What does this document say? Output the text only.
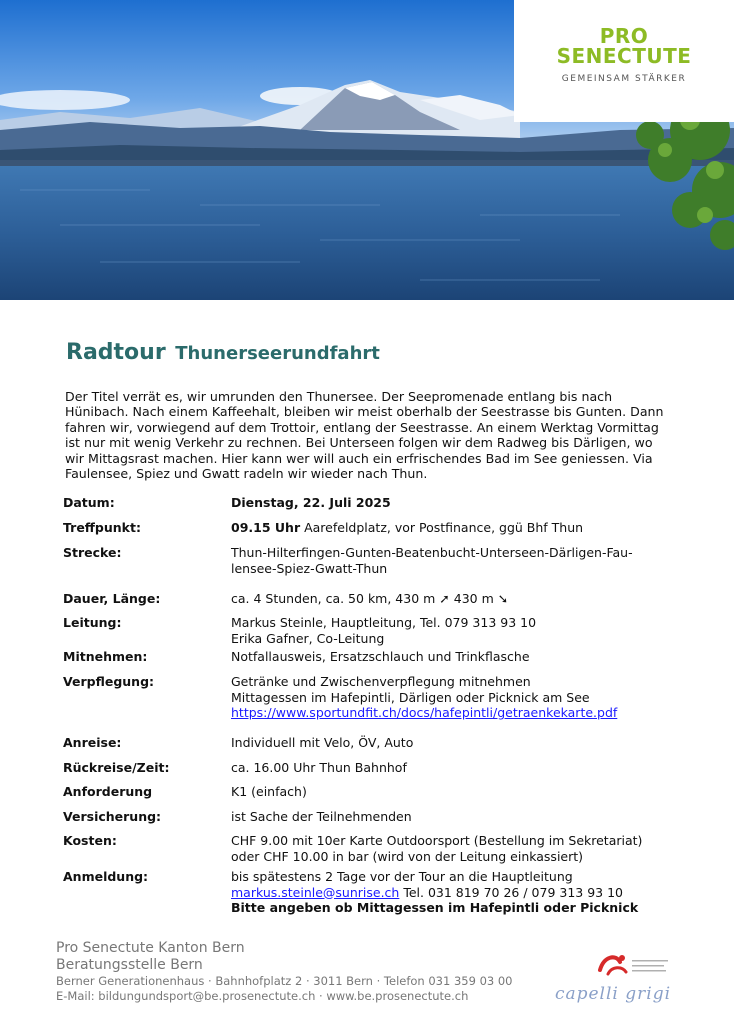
PRO
SENECTUTE
GEMEINSAM STÄRKER
Radtour Thunerseerundfahrt
Der Titel verrät es, wir umrunden den Thunersee. Der Seepromenade entlang bis nach Hünibach. Nach einem Kaffeehalt, bleiben wir meist oberhalb der Seestrasse bis Gunten. Dann fahren wir, vorwiegend auf dem Trottoir, entlang der Seestrasse. An einem Werktag Vormittag ist nur mit wenig Verkehr zu rechnen. Bei Unterseen folgen wir dem Radweg bis Därligen, wo wir Mittagsrast machen. Hier kann wer will auch ein erfrischendes Bad im See geniessen. Via Faulensee, Spiez und Gwatt radeln wir wieder nach Thun.
Datum:	Dienstag, 22. Juli 2025
Treffpunkt:	09.15 Uhr Aarefeldplatz, vor Postfinance, ggü Bhf Thun
Strecke:	Thun-Hilterfingen-Gunten-Beatenbucht-Unterseen-Därligen-Fau-
lensee-Spiez-Gwatt-Thun
Dauer, Länge:	ca. 4 Stunden, ca. 50 km, 430 m ➚ 430 m ➘
Leitung:	Markus Steinle, Hauptleitung, Tel. 079 313 93 10
Erika Gafner, Co-Leitung
Mitnehmen:	Notfallausweis, Ersatzschlauch und Trinkflasche
Verpflegung:	Getränke und Zwischenverpflegung mitnehmen
Mittagessen im Hafepintli, Därligen oder Picknick am See
https://www.sportundfit.ch/docs/hafepintli/getraenkekarte.pdf
Anreise:	Individuell mit Velo, ÖV, Auto
Rückreise/Zeit:	ca. 16.00 Uhr Thun Bahnhof
Anforderung	K1 (einfach)
Versicherung:	ist Sache der Teilnehmenden
Kosten:	CHF 9.00 mit 10er Karte Outdoorsport (Bestellung im Sekretariat)
oder CHF 10.00 in bar (wird von der Leitung einkassiert)
Anmeldung:	bis spätestens 2 Tage vor der Tour an die Hauptleitung
markus.steinle@sunrise.ch Tel. 031 819 70 26 / 079 313 93 10
Bitte angeben ob Mittagessen im Hafepintli oder Picknick
Pro Senectute Kanton Bern
Beratungsstelle Bern
Berner Generationenhaus · Bahnhofplatz 2 · 3011 Bern · Telefon 031 359 03 00
E-Mail: bildungundsport@be.prosenectute.ch · www.be.prosenectute.ch	capelli grigi
